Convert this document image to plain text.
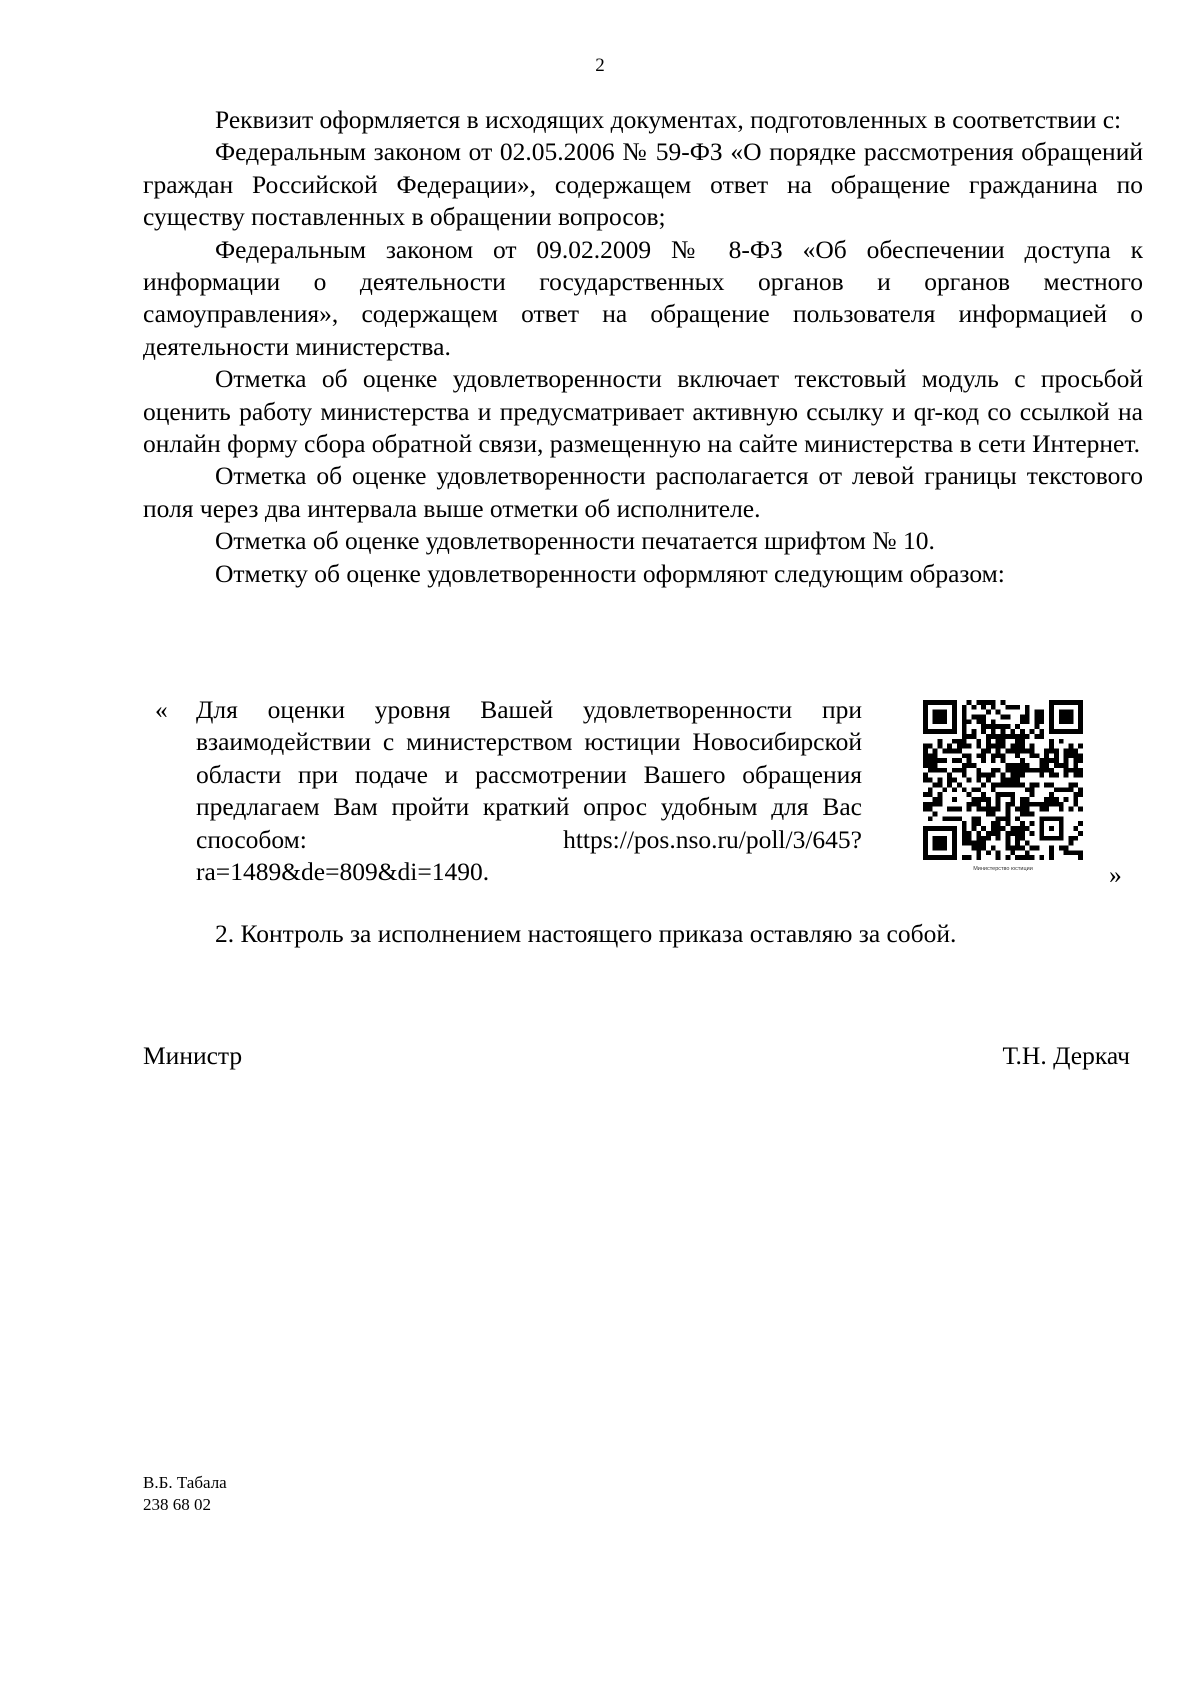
2

Реквизит оформляется в исходящих документах, подготовленных в соответствии с:

Федеральным законом от 02.05.2006 № 59-ФЗ «О порядке рассмотрения обращений граждан Российской Федерации», содержащем ответ на обращение гражданина по существу поставленных в обращении вопросов;

Федеральным законом от 09.02.2009 № 8-ФЗ «Об обеспечении доступа к информации о деятельности государственных органов и органов местного самоуправления», содержащем ответ на обращение пользователя информацией о деятельности министерства.

Отметка об оценке удовлетворенности включает текстовый модуль с просьбой оценить работу министерства и предусматривает активную ссылку и qr-код со ссылкой на онлайн форму сбора обратной связи, размещенную на сайте министерства в сети Интернет.

Отметка об оценке удовлетворенности располагается от левой границы текстового поля через два интервала выше отметки об исполнителе.

Отметка об оценке удовлетворенности печатается шрифтом № 10.

Отметку об оценке удовлетворенности оформляют следующим образом:

« Для оценки уровня Вашей удовлетворенности при взаимодействии с министерством юстиции Новосибирской области при подаче и рассмотрении Вашего обращения предлагаем Вам пройти краткий опрос удобным для Вас способом: https://pos.nso.ru/poll/3/645?ra=1489&de=809&di=1490.	Министерство юстиции	»
2. Контроль за исполнением настоящего приказа оставляю за собой.
Министр	Т.Н. Деркач
В.Б. Табала
238 68 02
